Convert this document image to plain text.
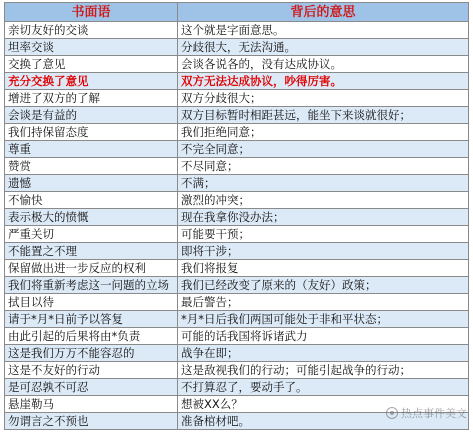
书面语	背后的意思
亲切友好的交谈	这个就是字面意思。
坦率交谈	分歧很大，无法沟通。
交换了意见	会谈各说各的，没有达成协议。
充分交换了意见	双方无法达成协议，吵得厉害。
增进了双方的了解	双方分歧很大；
会谈是有益的	双方目标暂时相距甚远，能坐下来谈就很好；
我们持保留态度	我们拒绝同意；
尊重	不完全同意；
赞赏	不尽同意；
遗憾	不满；
不愉快	激烈的冲突；
表示极大的愤慨	现在我拿你没办法；
严重关切	可能要干预；
不能置之不理	即将干涉；
保留做出进一步反应的权利	我们将报复
我们将重新考虑这一问题的立场	我们已经改变了原来的（友好）政策；
拭目以待	最后警告；
请于*月*日前予以答复	*月*日后我们两国可能处于非和平状态；
由此引起的后果将由*负责	可能的话我国将诉诸武力
这是我们万万不能容忍的	战争在即；
这是不友好的行动	这是敌视我们的行动；可能引起战争的行动；
是可忍孰不可忍	不打算忍了，要动手了。
悬崖勒马	想被XX么？
勿谓言之不预也	准备棺材吧。	热点事件美文
